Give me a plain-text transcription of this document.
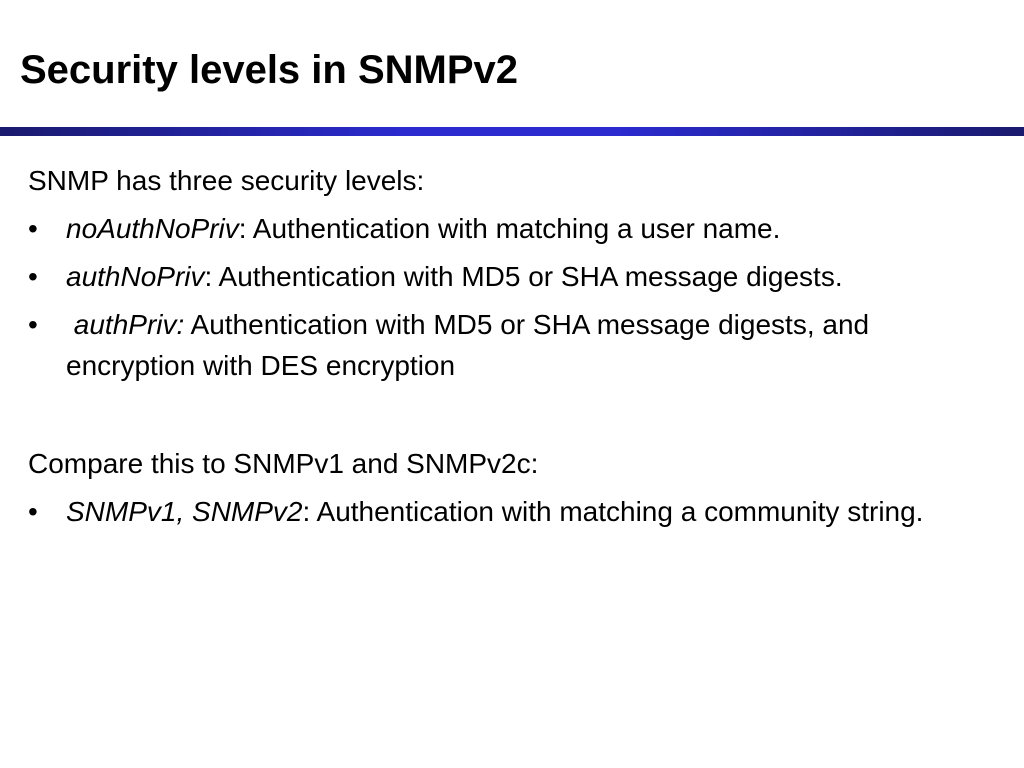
Security levels in SNMPv2

SNMP has three security levels:

• noAuthNoPriv: Authentication with matching a user name.
• authNoPriv: Authentication with MD5 or SHA message digests.
• authPriv: Authentication with MD5 or SHA message digests, and encryption with DES encryption

Compare this to SNMPv1 and SNMPv2c:

• SNMPv1, SNMPv2: Authentication with matching a community string.
